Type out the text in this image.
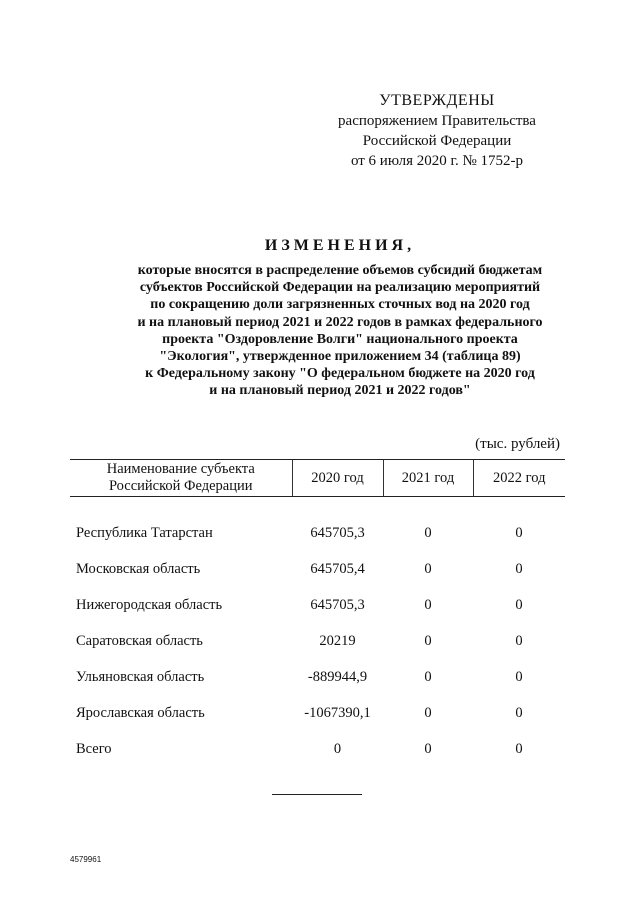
УТВЕРЖДЕНЫ
распоряжением Правительства
Российской Федерации
от 6 июля 2020 г. № 1752-р
ИЗМЕНЕНИЯ,
которые вносятся в распределение объемов субсидий бюджетам
субъектов Российской Федерации на реализацию мероприятий
по сокращению доли загрязненных сточных вод на 2020 год
и на плановый период 2021 и 2022 годов в рамках федерального
проекта "Оздоровление Волги" национального проекта
"Экология", утвержденное приложением 34 (таблица 89)
к Федеральному закону "О федеральном бюджете на 2020 год
и на плановый период 2021 и 2022 годов"
(тыс. рублей)
Наименование субъекта
Российской Федерации	2020 год	2021 год	2022 год
Республика Татарстан	645705,3	0	0
Московская область	645705,4	0	0
Нижегородская область	645705,3	0	0
Саратовская область	20219	0	0
Ульяновская область	-889944,9	0	0
Ярославская область	-1067390,1	0	0
Всего	0	0	0
4579961
